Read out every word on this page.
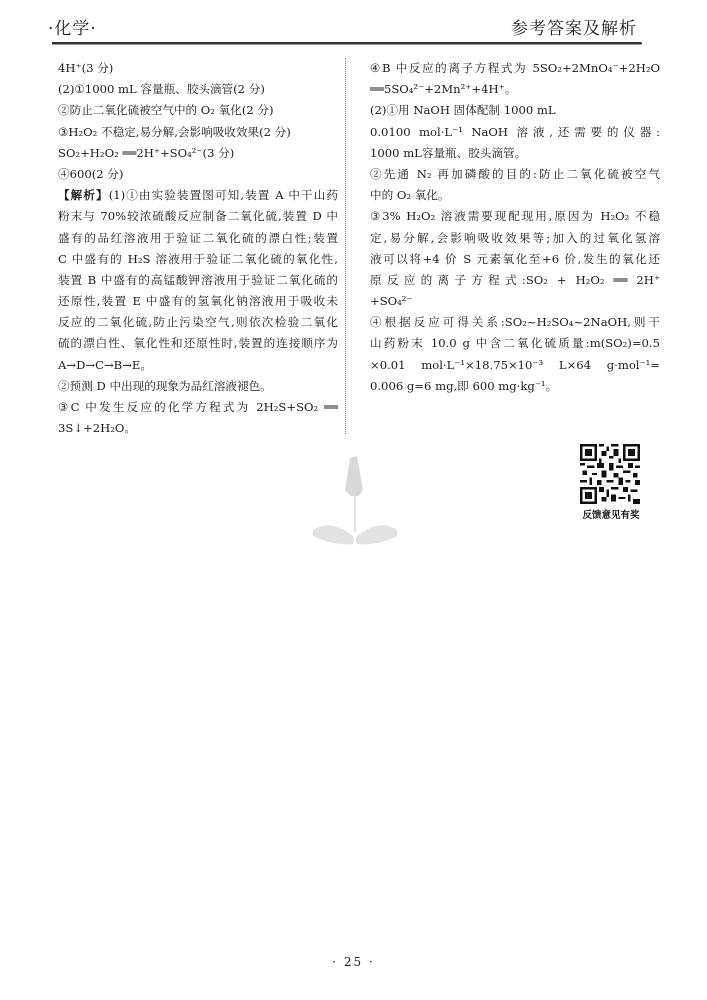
·化学·	参考答案及解析
4H⁺(3 分)
(2)①1000 mL 容量瓶、胶头滴管(2 分)
②防止二氧化硫被空气中的 O₂ 氧化(2 分)
③H₂O₂ 不稳定,易分解,会影响吸收效果(2 分)
SO₂+H₂O₂ ══2H⁺+SO₄²⁻(3 分)
④600(2 分)
【解析】(1)①由实验装置图可知,装置 A 中干山药
粉末与 70%较浓硫酸反应制备二氧化硫,装置 D 中
盛有的品红溶液用于验证二氧化硫的漂白性;装置
C 中盛有的 H₂S 溶液用于验证二氧化硫的氧化性,
装置 B 中盛有的高锰酸钾溶液用于验证二氧化硫的
还原性,装置 E 中盛有的氢氧化钠溶液用于吸收未
反应的二氧化硫,防止污染空气,则依次检验二氧化
硫的漂白性、氧化性和还原性时,装置的连接顺序为
A→D→C→B→E。
②预测 D 中出现的现象为品红溶液褪色。
③C 中发生反应的化学方程式为 2H₂S+SO₂ ══
3S↓+2H₂O。
④B 中反应的离子方程式为 5SO₂+2MnO₄⁻+2H₂O
══5SO₄²⁻+2Mn²⁺+4H⁺。
(2)①用 NaOH 固体配制 1000 mL
0.0100 mol·L⁻¹ NaOH 溶液,还需要的仪器:
1000 mL容量瓶、胶头滴管。
②先通 N₂ 再加磷酸的目的:防止二氧化硫被空气
中的 O₂ 氧化。
③3% H₂O₂ 溶液需要现配现用,原因为 H₂O₂ 不稳
定,易分解,会影响吸收效果等;加入的过氧化氢溶
液可以将+4 价 S 元素氧化至+6 价,发生的氧化还
原反应的离子方程式:SO₂ + H₂O₂ ══ 2H⁺
+SO₄²⁻
④根据反应可得关系:SO₂~H₂SO₄~2NaOH,则干
山药粉末 10.0 g 中含二氧化硫质量:m(SO₂)=0.5
×0.01 mol·L⁻¹×18.75×10⁻³ L×64 g·mol⁻¹=
0.006 g=6 mg,即 600 mg·kg⁻¹。
反馈意见有奖
· 25 ·
